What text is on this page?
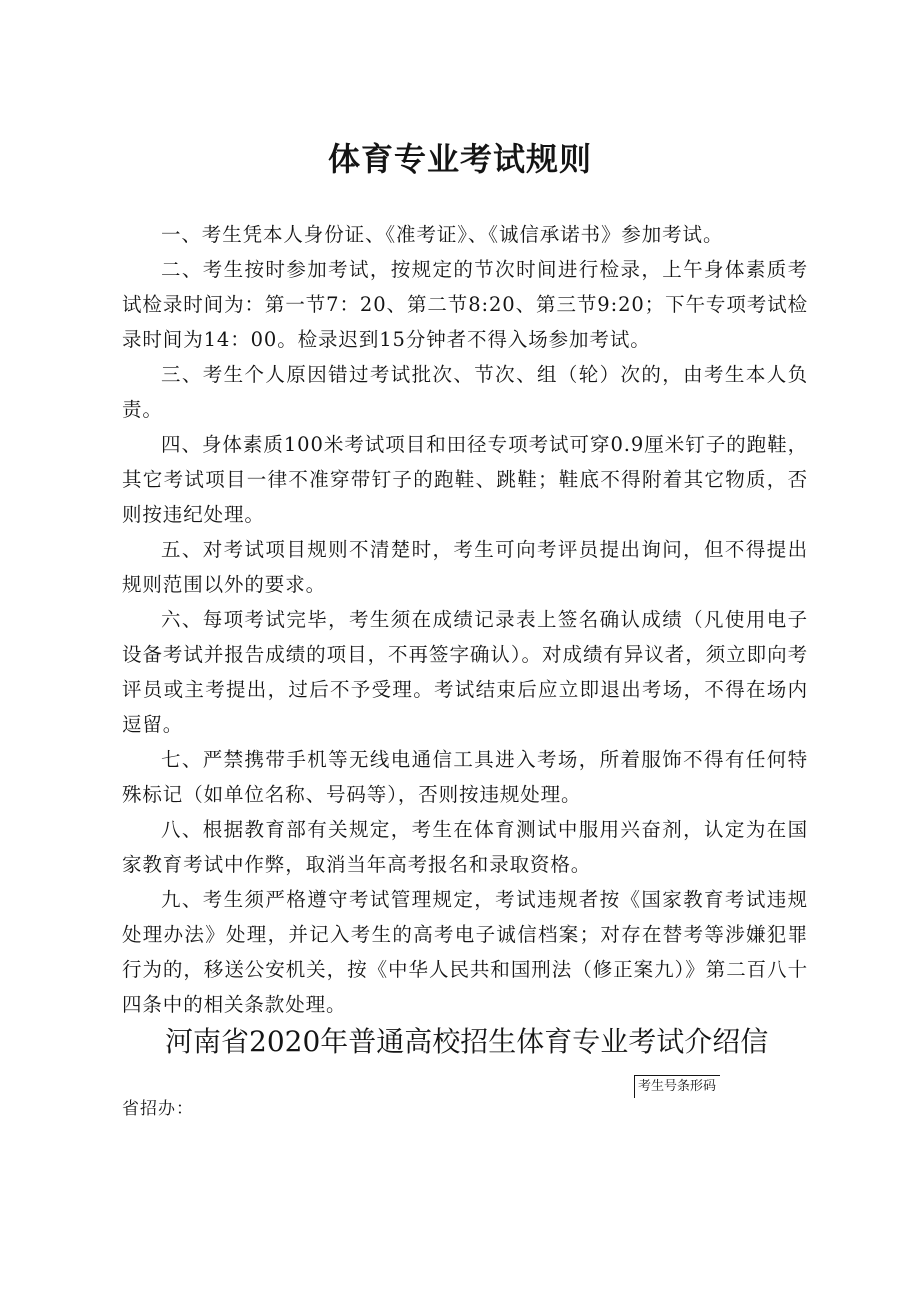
体育专业考试规则

一、考生凭本人身份证、《准考证》、《诚信承诺书》参加考试。

二、考生按时参加考试，按规定的节次时间进行检录，上午身体素质考试检录时间为：第一节7：20、第二节8:20、第三节9:20；下午专项考试检录时间为14：00。检录迟到15分钟者不得入场参加考试。

三、考生个人原因错过考试批次、节次、组（轮）次的，由考生本人负责。

四、身体素质100米考试项目和田径专项考试可穿0.9厘米钉子的跑鞋，其它考试项目一律不准穿带钉子的跑鞋、跳鞋；鞋底不得附着其它物质，否则按违纪处理。

五、对考试项目规则不清楚时，考生可向考评员提出询问，但不得提出规则范围以外的要求。

六、每项考试完毕，考生须在成绩记录表上签名确认成绩（凡使用电子设备考试并报告成绩的项目，不再签字确认）。对成绩有异议者，须立即向考评员或主考提出，过后不予受理。考试结束后应立即退出考场，不得在场内逗留。

七、严禁携带手机等无线电通信工具进入考场，所着服饰不得有任何特殊标记（如单位名称、号码等），否则按违规处理。

八、根据教育部有关规定，考生在体育测试中服用兴奋剂，认定为在国家教育考试中作弊，取消当年高考报名和录取资格。

九、考生须严格遵守考试管理规定，考试违规者按《国家教育考试违规处理办法》处理，并记入考生的高考电子诚信档案；对存在替考等涉嫌犯罪行为的，移送公安机关，按《中华人民共和国刑法（修正案九）》第二百八十四条中的相关条款处理。

河南省2020年普通高校招生体育专业考试介绍信
考生号条形码

省招办：
